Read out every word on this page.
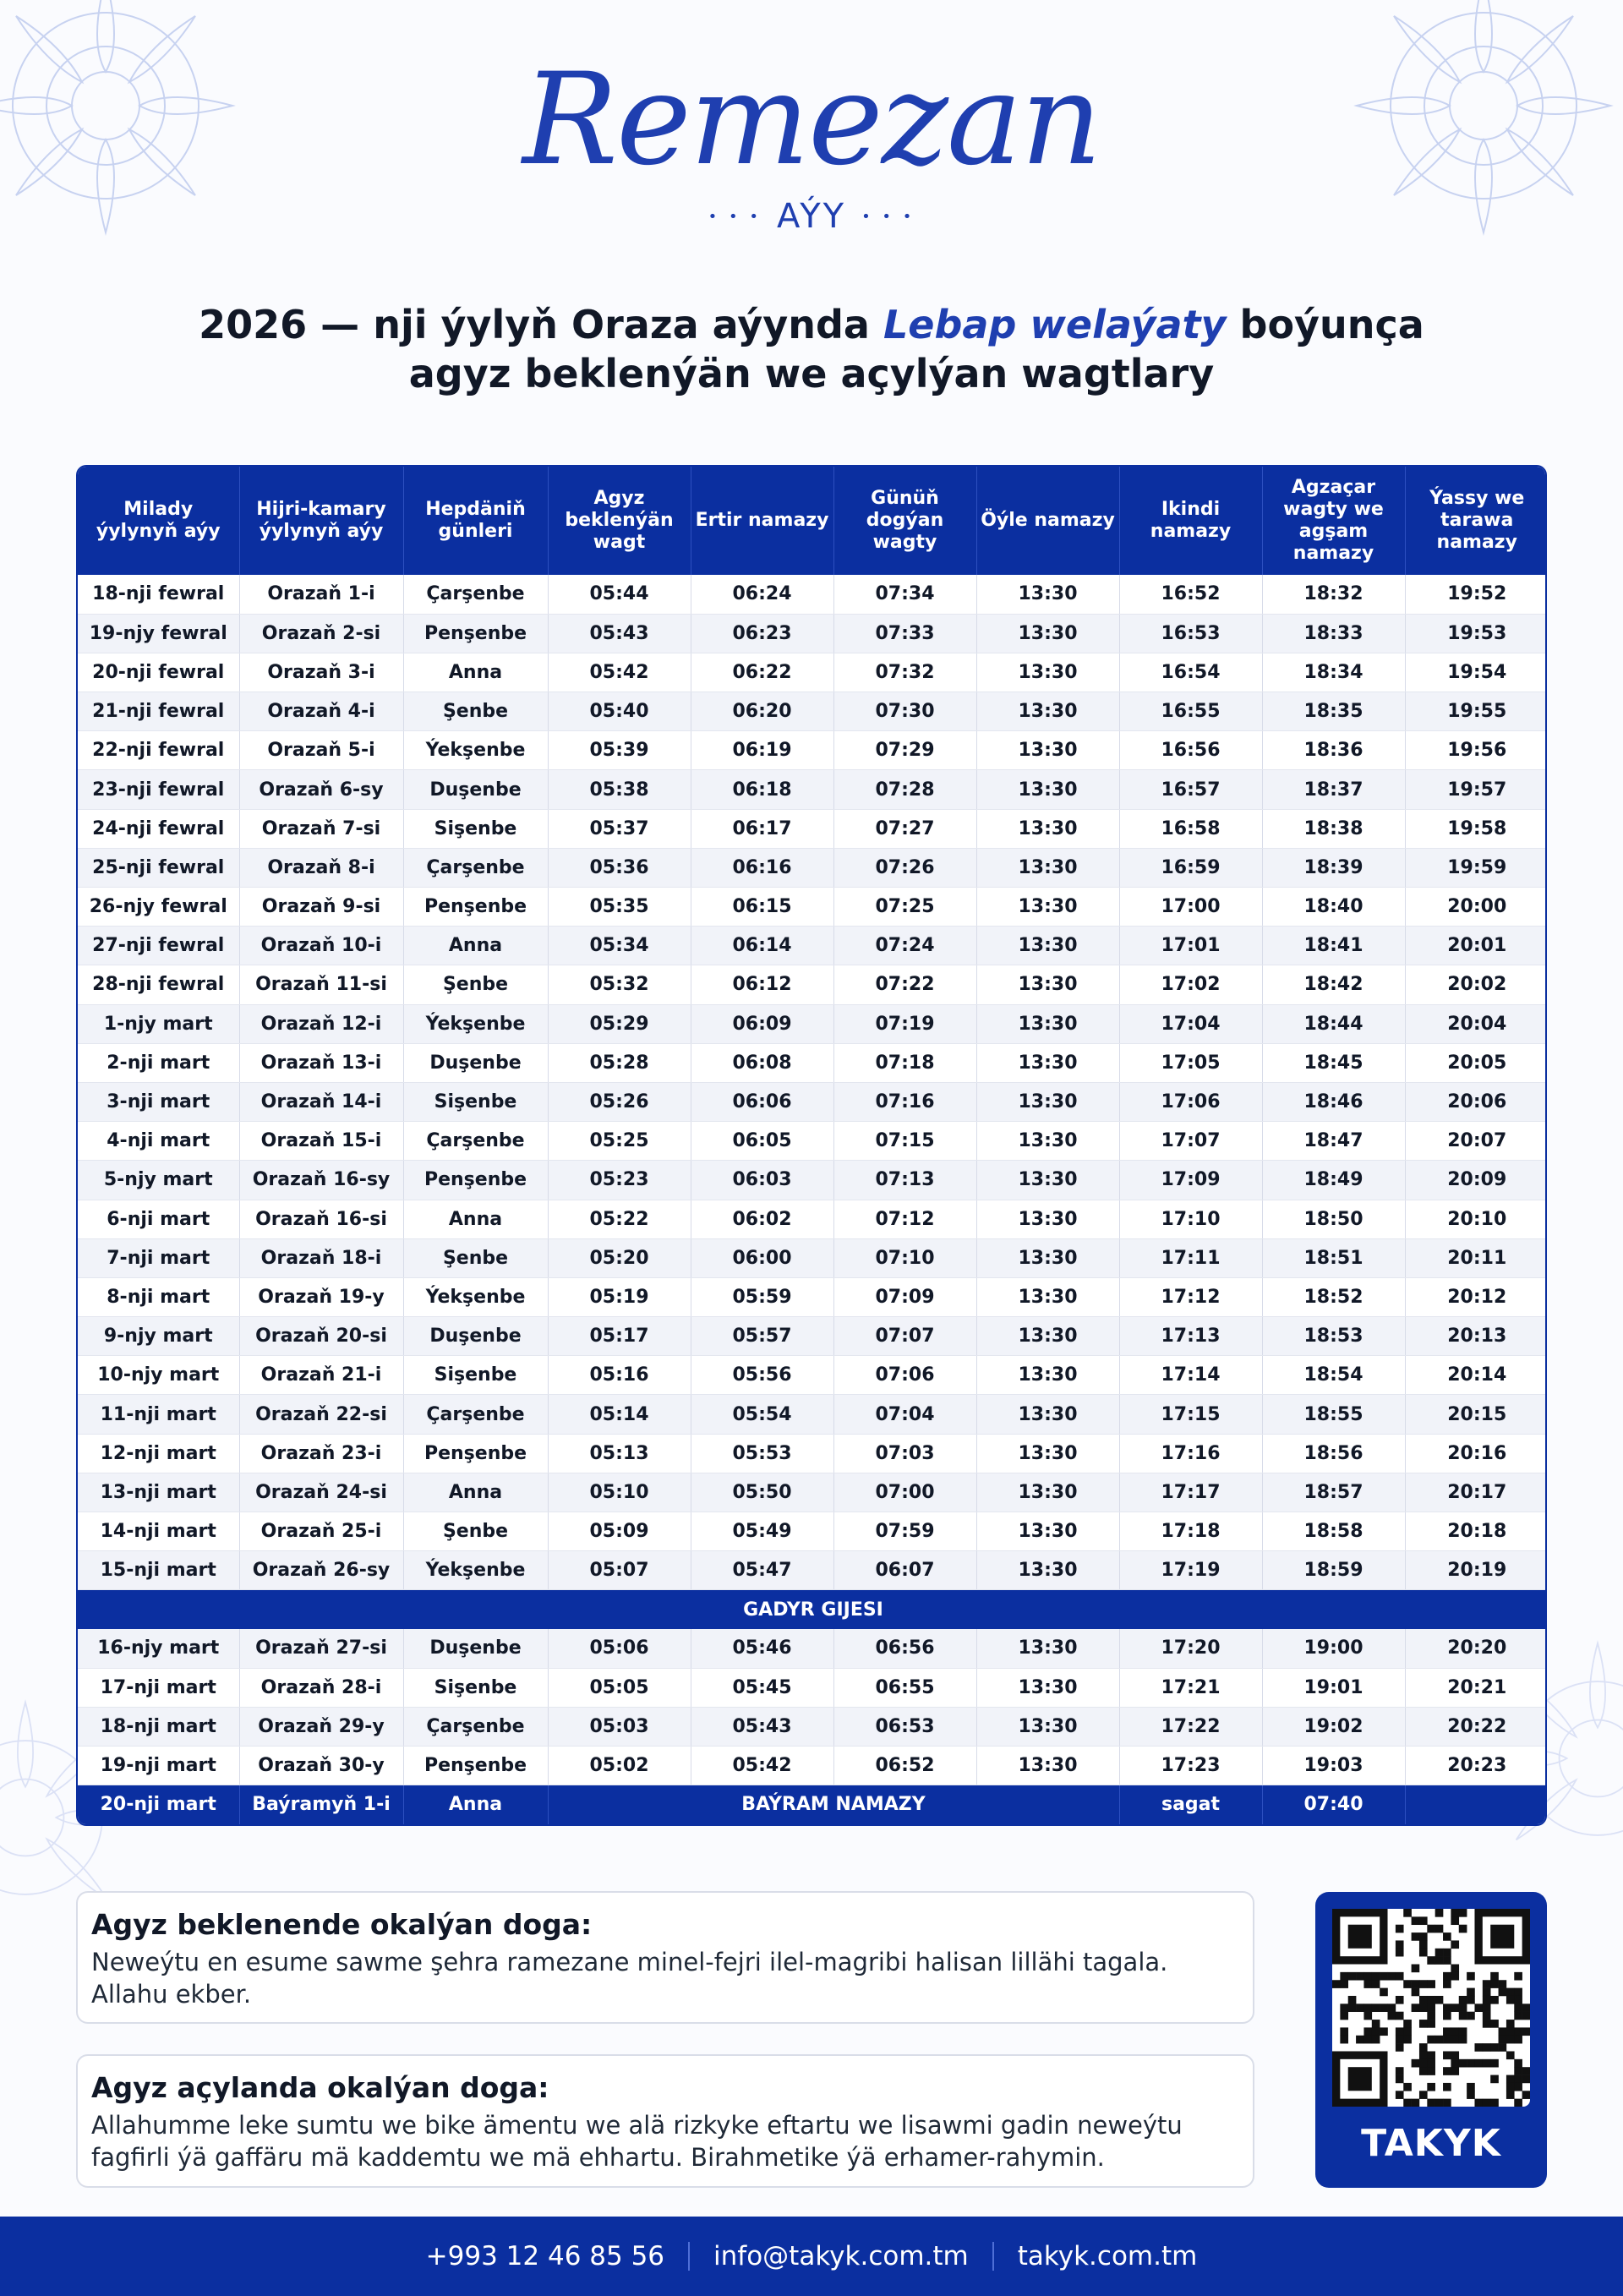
Remezan
• • • AÝY • • •
2026 — nji ýylyň Oraza aýynda Lebap welaýaty boýunça
agyz beklenýän we açylýan wagtlary
Milady ýylynyň aýy	Hijri-kamary ýylynyň aýy	Hepdäniň günleri	Agyz beklenýän wagt	Ertir namazy	Günüň dogýan wagty	Öýle namazy	Ikindi namazy	Agzaçar wagty we agşam namazy	Ýassy we tarawa namazy
18-nji fewral	Orazaň 1-i	Çarşenbe	05:44	06:24	07:34	13:30	16:52	18:32	19:52
19-njy fewral	Orazaň 2-si	Penşenbe	05:43	06:23	07:33	13:30	16:53	18:33	19:53
20-nji fewral	Orazaň 3-i	Anna	05:42	06:22	07:32	13:30	16:54	18:34	19:54
21-nji fewral	Orazaň 4-i	Şenbe	05:40	06:20	07:30	13:30	16:55	18:35	19:55
22-nji fewral	Orazaň 5-i	Ýekşenbe	05:39	06:19	07:29	13:30	16:56	18:36	19:56
23-nji fewral	Orazaň 6-sy	Duşenbe	05:38	06:18	07:28	13:30	16:57	18:37	19:57
24-nji fewral	Orazaň 7-si	Sişenbe	05:37	06:17	07:27	13:30	16:58	18:38	19:58
25-nji fewral	Orazaň 8-i	Çarşenbe	05:36	06:16	07:26	13:30	16:59	18:39	19:59
26-njy fewral	Orazaň 9-si	Penşenbe	05:35	06:15	07:25	13:30	17:00	18:40	20:00
27-nji fewral	Orazaň 10-i	Anna	05:34	06:14	07:24	13:30	17:01	18:41	20:01
28-nji fewral	Orazaň 11-si	Şenbe	05:32	06:12	07:22	13:30	17:02	18:42	20:02
1-njy mart	Orazaň 12-i	Ýekşenbe	05:29	06:09	07:19	13:30	17:04	18:44	20:04
2-nji mart	Orazaň 13-i	Duşenbe	05:28	06:08	07:18	13:30	17:05	18:45	20:05
3-nji mart	Orazaň 14-i	Sişenbe	05:26	06:06	07:16	13:30	17:06	18:46	20:06
4-nji mart	Orazaň 15-i	Çarşenbe	05:25	06:05	07:15	13:30	17:07	18:47	20:07
5-njy mart	Orazaň 16-sy	Penşenbe	05:23	06:03	07:13	13:30	17:09	18:49	20:09
6-nji mart	Orazaň 16-si	Anna	05:22	06:02	07:12	13:30	17:10	18:50	20:10
7-nji mart	Orazaň 18-i	Şenbe	05:20	06:00	07:10	13:30	17:11	18:51	20:11
8-nji mart	Orazaň 19-y	Ýekşenbe	05:19	05:59	07:09	13:30	17:12	18:52	20:12
9-njy mart	Orazaň 20-si	Duşenbe	05:17	05:57	07:07	13:30	17:13	18:53	20:13
10-njy mart	Orazaň 21-i	Sişenbe	05:16	05:56	07:06	13:30	17:14	18:54	20:14
11-nji mart	Orazaň 22-si	Çarşenbe	05:14	05:54	07:04	13:30	17:15	18:55	20:15
12-nji mart	Orazaň 23-i	Penşenbe	05:13	05:53	07:03	13:30	17:16	18:56	20:16
13-nji mart	Orazaň 24-si	Anna	05:10	05:50	07:00	13:30	17:17	18:57	20:17
14-nji mart	Orazaň 25-i	Şenbe	05:09	05:49	07:59	13:30	17:18	18:58	20:18
15-nji mart	Orazaň 26-sy	Ýekşenbe	05:07	05:47	06:07	13:30	17:19	18:59	20:19
GADYR GIJESI									
16-njy mart	Orazaň 27-si	Duşenbe	05:06	05:46	06:56	13:30	17:20	19:00	20:20
17-nji mart	Orazaň 28-i	Sişenbe	05:05	05:45	06:55	13:30	17:21	19:01	20:21
18-nji mart	Orazaň 29-y	Çarşenbe	05:03	05:43	06:53	13:30	17:22	19:02	20:22
19-nji mart	Orazaň 30-y	Penşenbe	05:02	05:42	06:52	13:30	17:23	19:03	20:23
20-nji mart	Baýramyň 1-i	Anna		BAÝRAM NAMAZY			sagat	07:40	
Agyz beklenende okalýan doga:

Neweýtu en esume sawme şehra ramezane minel-fejri ilel-magribi halisan lillähi tagala. Allahu ekber.

Agyz açylanda okalýan doga:

Allahumme leke sumtu we bike ämentu we alä rizkyke eftartu we lisawmi gadin neweýtu fagfirli ýä gaffäru mä kaddemtu we mä ehhartu. Birahmetike ýä erhamer-rahymin.	TAKYK
+993 12 46 85 56 info@takyk.com.tm takyk.com.tm
